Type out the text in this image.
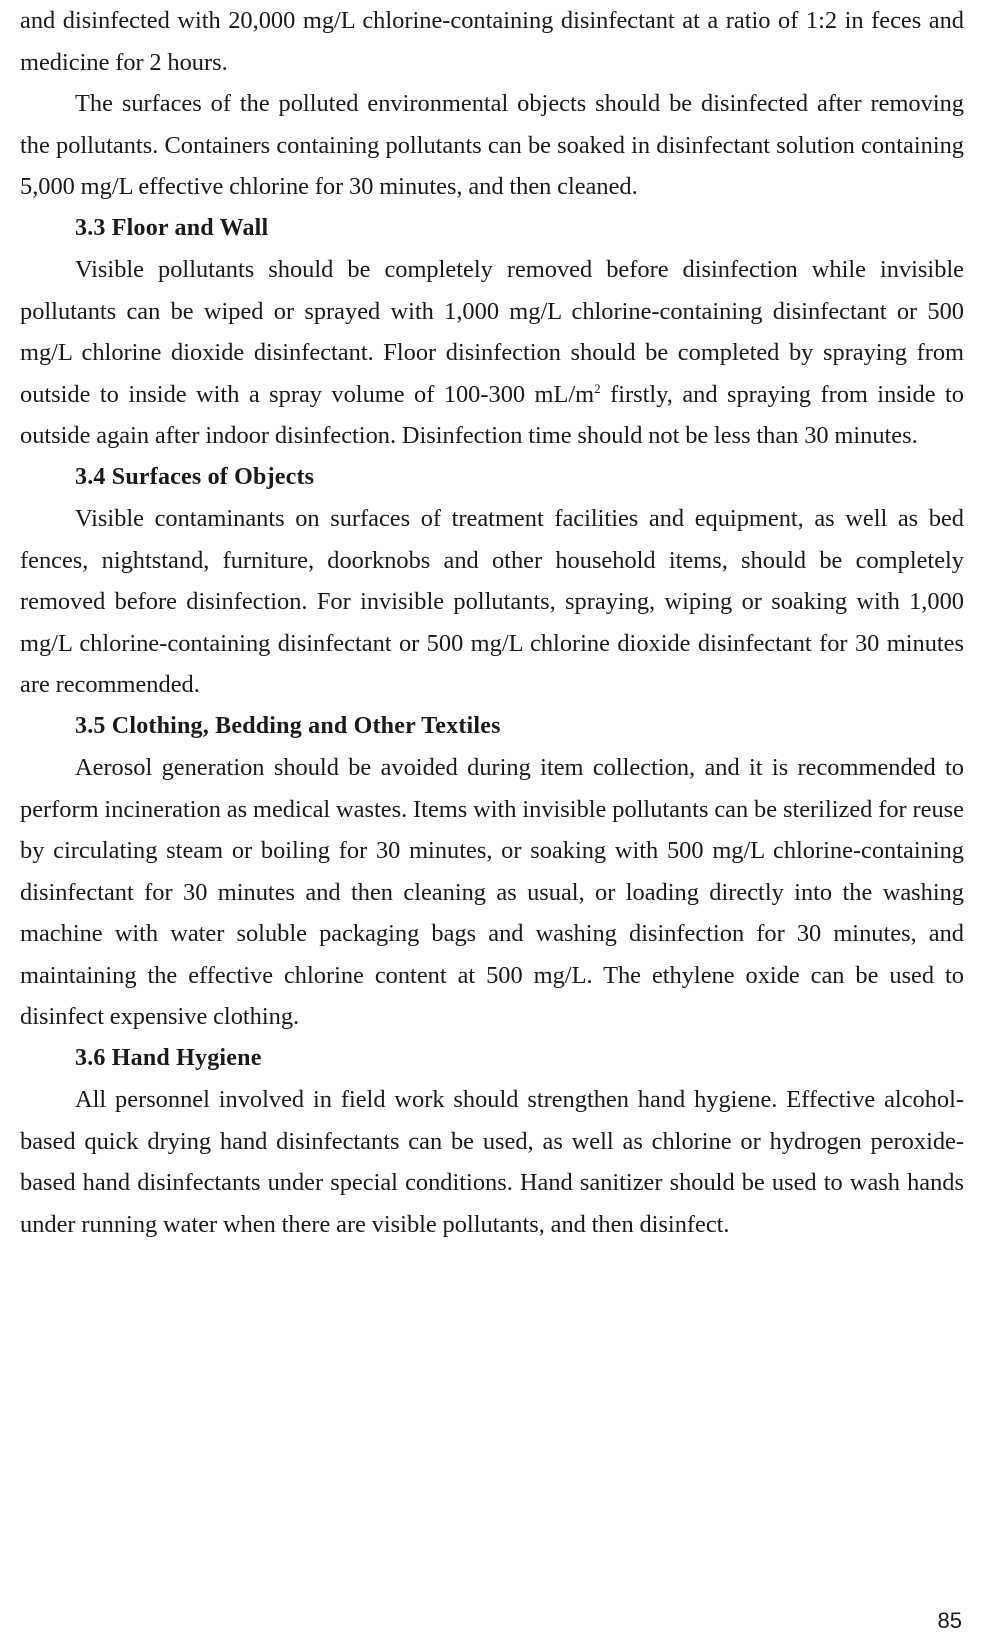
and disinfected with 20,000 mg/L chlorine-containing disinfectant at a ratio of 1:2 in feces and medicine for 2 hours.

The surfaces of the polluted environmental objects should be disinfected after removing the pollutants. Containers containing pollutants can be soaked in disinfectant solution containing 5,000 mg/L effective chlorine for 30 minutes, and then cleaned.

3.3 Floor and Wall

Visible pollutants should be completely removed before disinfection while invisible pollutants can be wiped or sprayed with 1,000 mg/L chlorine-containing disinfectant or 500 mg/L chlorine dioxide disinfectant. Floor disinfection should be completed by spraying from outside to inside with a spray volume of 100-300 $mL/m^2$ firstly, and spraying from inside to outside again after indoor disinfection. Disinfection time should not be less than 30 minutes.

3.4 Surfaces of Objects

Visible contaminants on surfaces of treatment facilities and equipment, as well as bed fences, nightstand, furniture, doorknobs and other household items, should be completely removed before disinfection. For invisible pollutants, spraying, wiping or soaking with 1,000 mg/L chlorine-containing disinfectant or 500 mg/L chlorine dioxide disinfectant for 30 minutes are recommended.

3.5 Clothing, Bedding and Other Textiles

Aerosol generation should be avoided during item collection, and it is recommended to perform incineration as medical wastes. Items with invisible pollutants can be sterilized for reuse by circulating steam or boiling for 30 minutes, or soaking with 500 mg/L chlorine-containing disinfectant for 30 minutes and then cleaning as usual, or loading directly into the washing machine with water soluble packaging bags and washing disinfection for 30 minutes, and maintaining the effective chlorine content at 500 mg/L. The ethylene oxide can be used to disinfect expensive clothing.

3.6 Hand Hygiene

All personnel involved in field work should strengthen hand hygiene. Effective alcohol-based quick drying hand disinfectants can be used, as well as chlorine or hydrogen peroxide-based hand disinfectants under special conditions. Hand sanitizer should be used to wash hands under running water when there are visible pollutants, and then disinfect.

85
